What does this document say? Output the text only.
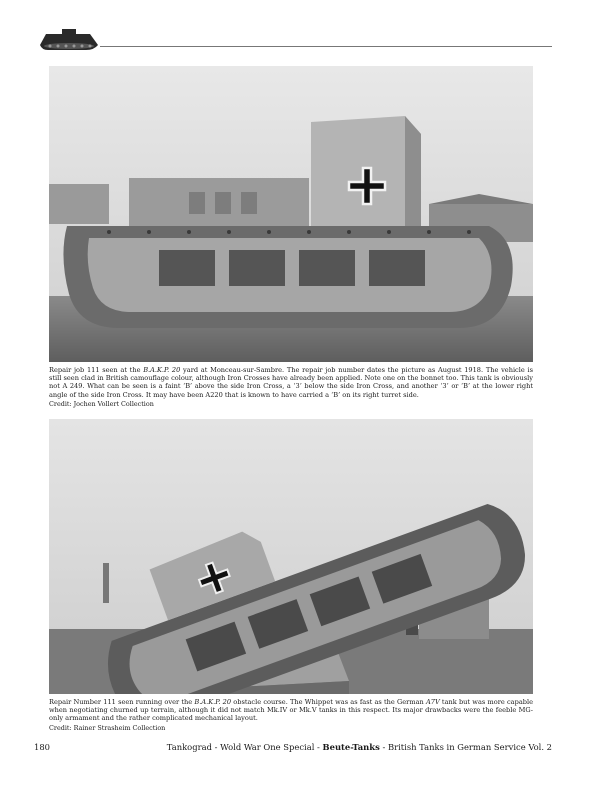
Repair job 111 seen at the B.A.K.P. 20 yard at Monceau-sur-Sambre. The repair job number dates the picture as August 1918. The vehicle is still seen clad in British camouflage colour, although Iron Crosses have already been applied. Note one on the bonnet too. This tank is obviously not A 249. What can be seen is a faint ‘B’ above the side Iron Cross, a ‘3’ below the side Iron Cross, and another ‘3’ or ‘B’ at the lower right angle of the side Iron Cross. It may have been A220 that is known to have carried a ‘B’ on its right turret side.
Credit: Jochen Vollert Collection

Repair Number 111 seen running over the B.A.K.P. 20 obstacle course. The Whippet was as fast as the German A7V tank but was more capable when negotiating churned up terrain, although it did not match Mk.IV or Mk.V tanks in this respect. Its major drawbacks were the feeble MG-only armament and the rather complicated mechanical layout.
Credit: Rainer Strasheim Collection

180	Tankograd - Wold War One Special - Beute-Tanks - British Tanks in German Service Vol. 2
